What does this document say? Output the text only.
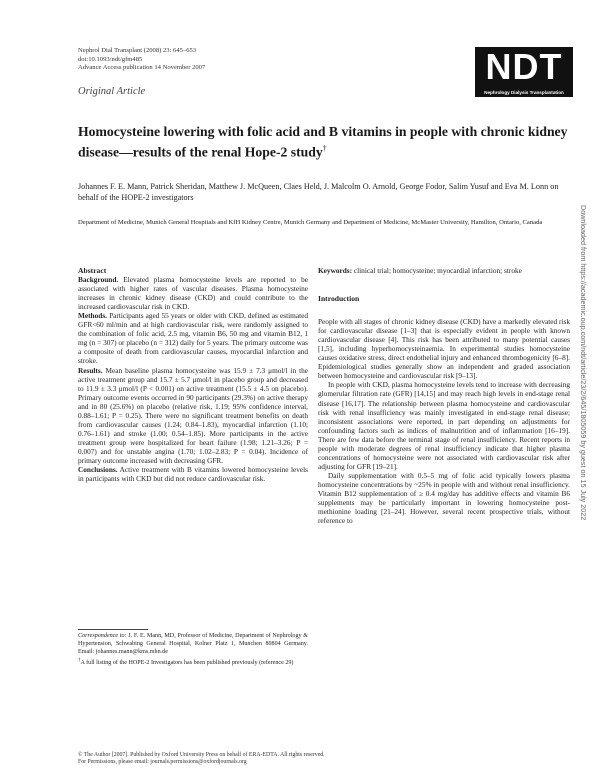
Nephrol Dial Transplant (2008) 23: 645–653
doi:10.1093/ndt/gfm485
Advance Access publication 14 November 2007
Original Article
NDT
Nephrology Dialysis Transplantation
Homocysteine lowering with folic acid and B vitamins in people with chronic kidney disease—results of the renal Hope-2 study†
Johannes F. E. Mann, Patrick Sheridan, Matthew J. McQueen, Claes Held, J. Malcolm O. Arnold, George Fodor, Salim Yusuf and Eva M. Lonn on behalf of the HOPE-2 investigators
Department of Medicine, Munich General Hospitals and KfH Kidney Centre, Munich Germany and Department of Medicine, McMaster University, Hamilton, Ontario, Canada

Abstract

Background. Elevated plasma homocysteine levels are reported to be associated with higher rates of vascular diseases. Plasma homocysteine increases in chronic kidney disease (CKD) and could contribute to the increased cardiovascular risk in CKD.

Methods. Participants aged 55 years or older with CKD, defined as estimated GFR<60 ml/min and at high cardiovascular risk, were randomly assigned to the combination of folic acid, 2.5 mg, vitamin B6, 50 mg and vitamin B12, 1 mg (n = 307) or placebo (n = 312) daily for 5 years. The primary outcome was a composite of death from cardiovascular causes, myocardial infarction and stroke.

Results. Mean baseline plasma homocysteine was 15.9 ± 7.3 μmol/l in the active treatment group and 15.7 ± 5.7 μmol/l in placebo group and decreased to 11.9 ± 3.3 μmol/l (P < 0.001) on active treatment (15.5 ± 4.5 on placebo). Primary outcome events occurred in 90 participants (29.3%) on active therapy and in 80 (25.6%) on placebo (relative risk, 1.19; 95% confidence interval, 0.88–1.61; P = 0.25). There were no significant treatment benefits on death from cardiovascular causes (1.24; 0.84–1.83), myocardial infarction (1.10; 0.76–1.61) and stroke (1.00; 0.54–1.85). More participants in the active treatment group were hospitalized for heart failure (1.98; 1.21–3.26; P = 0.007) and for unstable angina (1.70; 1.02–2.83; P = 0.04). Incidence of primary outcome increased with decreasing GFR.

Conclusions. Active treatment with B vitamins lowered homocysteine levels in participants with CKD but did not reduce cardiovascular risk.

Correspondence to: J. F. E. Mann, MD, Professor of Medicine, Department of Nephrology & Hypertension, Schwabing General Hospital, Kolner Platz 1, Munchen 80804 Germany. Email: johannes.mann@kms.mhn.de
†A full listing of the HOPE-2 Investigators has been published previously (reference 29)

Keywords: clinical trial; homocysteine; myocardial infarction; stroke

Introduction

People with all stages of chronic kidney disease (CKD) have a markedly elevated risk for cardiovascular disease [1–3] that is especially evident in people with known cardiovascular disease [4]. This risk has been attributed to many potential causes [1,5], including hyperhomocysteinaemia. In experimental studies homocysteine causes oxidative stress, direct endothelial injury and enhanced thrombogenicity [6–8]. Epidemiological studies generally show an independent and graded association between homocysteine and cardiovascular risk [9–13].

In people with CKD, plasma homocysteine levels tend to increase with decreasing glomerular filtration rate (GFR) [14,15] and may reach high levels in end-stage renal disease [16,17]. The relationship between plasma homocysteine and cardiovascular risk with renal insufficiency was mainly investigated in end-stage renal disease; inconsistent associations were reported, in part depending on adjustments for confounding factors such as indices of malnutrition and of inflammation [16–19]. There are few data before the terminal stage of renal insufficiency. Recent reports in people with moderate degrees of renal insufficiency indicate that higher plasma concentrations of homocysteine were not associated with cardiovascular risk after adjusting for GFR [19–21].

Daily supplementation with 0.5–5 mg of folic acid typically lowers plasma homocysteine concentrations by ~25% in people with and without renal insufficiency. Vitamin B12 supplementation of ≥ 0.4 mg/day has additive effects and vitamin B6 supplements may be particularly important in lowering homocysteine post-methionine loading [21–24]. However, several recent prospective trials, without reference to

© The Author [2007]. Published by Oxford University Press on behalf of ERA-EDTA. All rights reserved.
For Permissions, please email: journals.permissions@oxfordjournals.org
Downloaded from https://academic.oup.com/ndt/article/23/2/645/1805059 by guest on 15 July 2022
